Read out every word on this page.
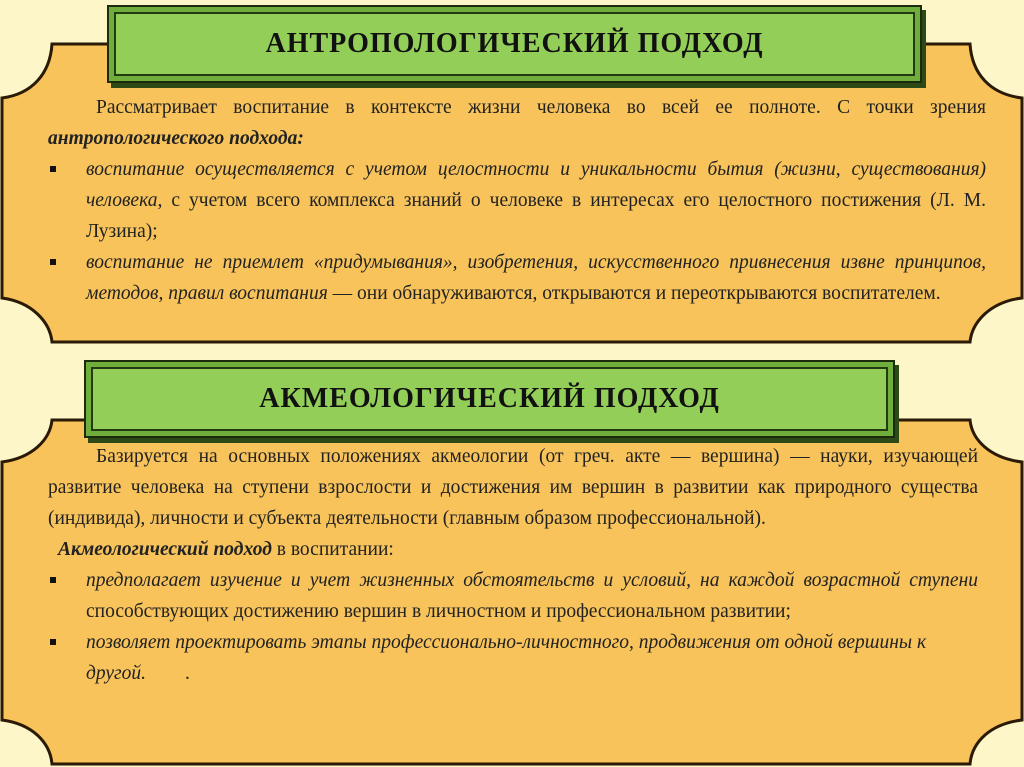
АНТРОПОЛОГИЧЕСКИЙ ПОДХОД

Рассматривает воспитание в контексте жизни человека во всей ее полноте. С точки зрения антропологического подхода:

воспитание осуществляется с учетом целостности и уникальности бытия (жизни, существования) человека, с учетом всего комплекса знаний о человеке в интересах его целостного постижения (Л. М. Лузина);

воспитание не приемлет «придумывания», изобретения, искусственного привнесения извне принципов, методов, правил воспитания — они обнаруживаются, открываются и переоткрываются воспитателем.

АКМЕОЛОГИЧЕСКИЙ ПОДХОД

Базируется на основных положениях акмеологии (от греч. акте — вершина) — науки, изучающей развитие человека на ступени взрослости и достижения им вершин в развитии как природного существа (индивида), личности и субъекта деятельности (главным образом профессиональной).

Акмеологический подход в воспитании:

предполагает изучение и учет жизненных обстоятельств и условий, на каждой возрастной ступени способствующих достижению вершин в личностном и профессиональном развитии;

позволяет проектировать этапы профессионально-личностного, продвижения от одной вершины к другой.        .
